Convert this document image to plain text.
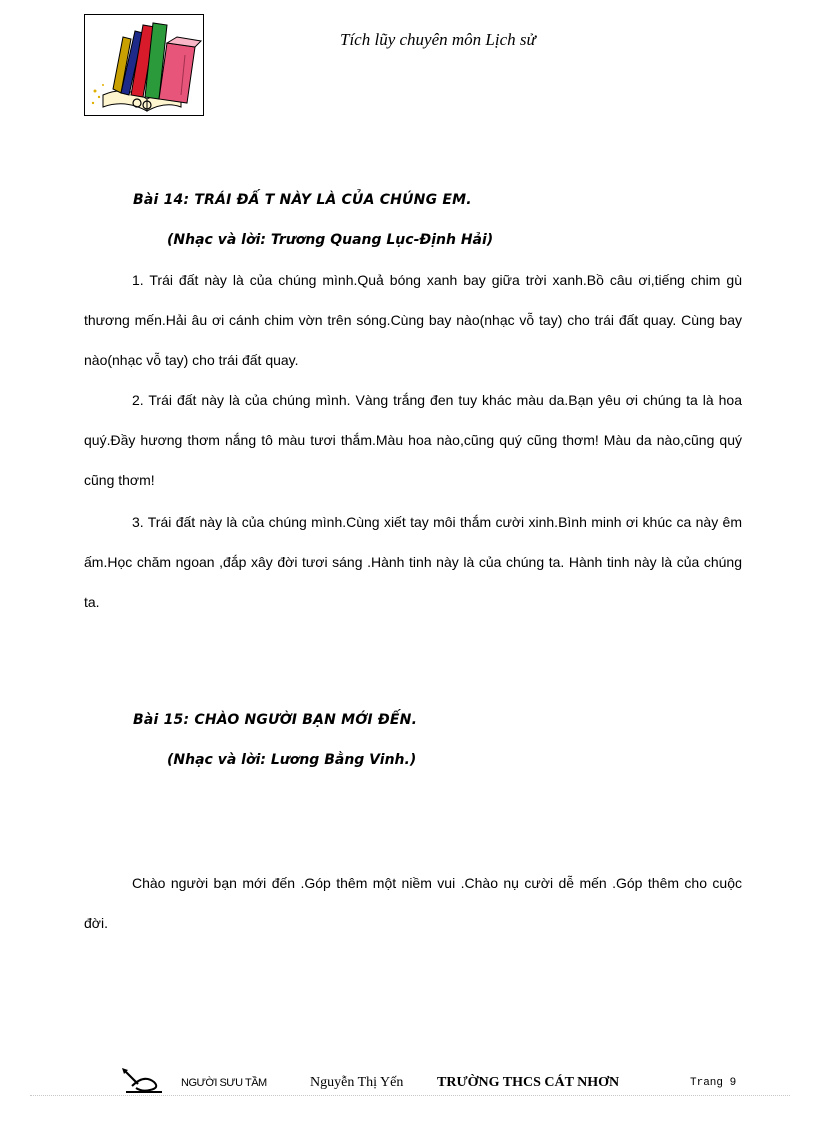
Tích lũy chuyên môn Lịch sử
Bài 14: TRÁI ĐẤ T NÀY LÀ CỦA CHÚNG EM.
(Nhạc và lời: Trương Quang Lục-Định Hải)

1. Trái đất này là của chúng mình.Quả bóng xanh bay giữa trời xanh.Bồ câu ơi,tiếng chim gù thương mến.Hải âu ơi cánh chim vờn trên sóng.Cùng bay nào(nhạc vỗ tay) cho trái đất quay. Cùng bay nào(nhạc vỗ tay) cho trái đất quay.

2. Trái đất này là của chúng mình. Vàng trắng đen tuy khác màu da.Bạn yêu ơi chúng ta là hoa quý.Đầy hương thơm nắng tô màu tươi thắm.Màu hoa nào,cũng quý cũng thơm! Màu da nào,cũng quý cũng thơm!

3. Trái đất này là của chúng mình.Cùng xiết tay môi thắm cười xinh.Bình minh ơi khúc ca này êm ấm.Học chăm ngoan ,đắp xây đời tươi sáng .Hành tinh này là của chúng ta. Hành tinh này là của chúng ta.

Bài 15: CHÀO NGƯỜI BẠN MỚI ĐẾN.
(Nhạc và lời: Lương Bằng Vinh.)

Chào người bạn mới đến .Góp thêm một niềm vui .Chào nụ cười dễ mến .Góp thêm cho cuộc đời.

NGƯỜI SƯU TẦM	Nguyễn Thị Yến TRƯỜNG THCS CÁT NHƠN	Trang 9
